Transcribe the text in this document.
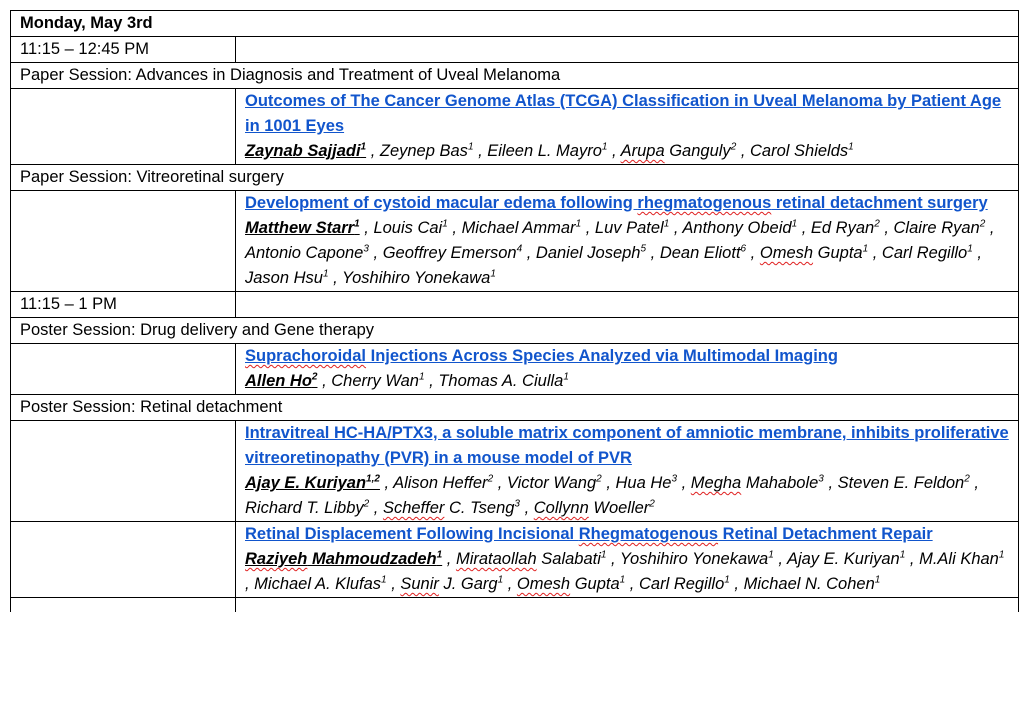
Monday, May 3rd	
11:15 – 12:45 PM	
Paper Session: Advances in Diagnosis and Treatment of Uveal Melanoma	

	Outcomes of The Cancer Genome Atlas (TCGA) Classification in Uveal Melanoma by Patient Age in 1001 Eyes
Zaynab Sajjadi$^1$ , Zeynep Bas$^1$ , Eileen L. Mayro$^1$ , Arupa Ganguly$^2$ , Carol Shields$^1$

Paper Session: Vitreoretinal surgery	

	Development of cystoid macular edema following rhegmatogenous retinal detachment surgery
Matthew Starr$^1$ , Louis Cai$^1$ , Michael Ammar$^1$ , Luv Patel$^1$ , Anthony Obeid$^1$ , Ed Ryan$^2$ , Claire Ryan$^2$ , Antonio Capone$^3$ , Geoffrey Emerson$^4$ , Daniel Joseph$^5$ , Dean Eliott$^6$ , Omesh Gupta$^1$ , Carl Regillo$^1$ , Jason Hsu$^1$ , Yoshihiro Yonekawa$^1$

11:15 – 1 PM	
Poster Session: Drug delivery and Gene therapy	

	Suprachoroidal Injections Across Species Analyzed via Multimodal Imaging
Allen Ho$^2$ , Cherry Wan$^1$ , Thomas A. Ciulla$^1$

Poster Session: Retinal detachment	

	Intravitreal HC-HA/PTX3, a soluble matrix component of amniotic membrane, inhibits proliferative vitreoretinopathy (PVR) in a mouse model of PVR
Ajay E. Kuriyan$^{1,2}$ , Alison Heffer$^2$ , Victor Wang$^2$ , Hua He$^3$ , Megha Mahabole$^3$ , Steven E. Feldon$^2$ , Richard T. Libby$^2$ , Scheffer C. Tseng$^3$ , Collynn Woeller$^2$

	Retinal Displacement Following Incisional Rhegmatogenous Retinal Detachment Repair
Raziyeh Mahmoudzadeh$^1$ , Mirataollah Salabati$^1$ , Yoshihiro Yonekawa$^1$ , Ajay E. Kuriyan$^1$ , M.Ali Khan$^1$ , Michael A. Klufas$^1$ , Sunir J. Garg$^1$ , Omesh Gupta$^1$ , Carl Regillo$^1$ , Michael N. Cohen$^1$
